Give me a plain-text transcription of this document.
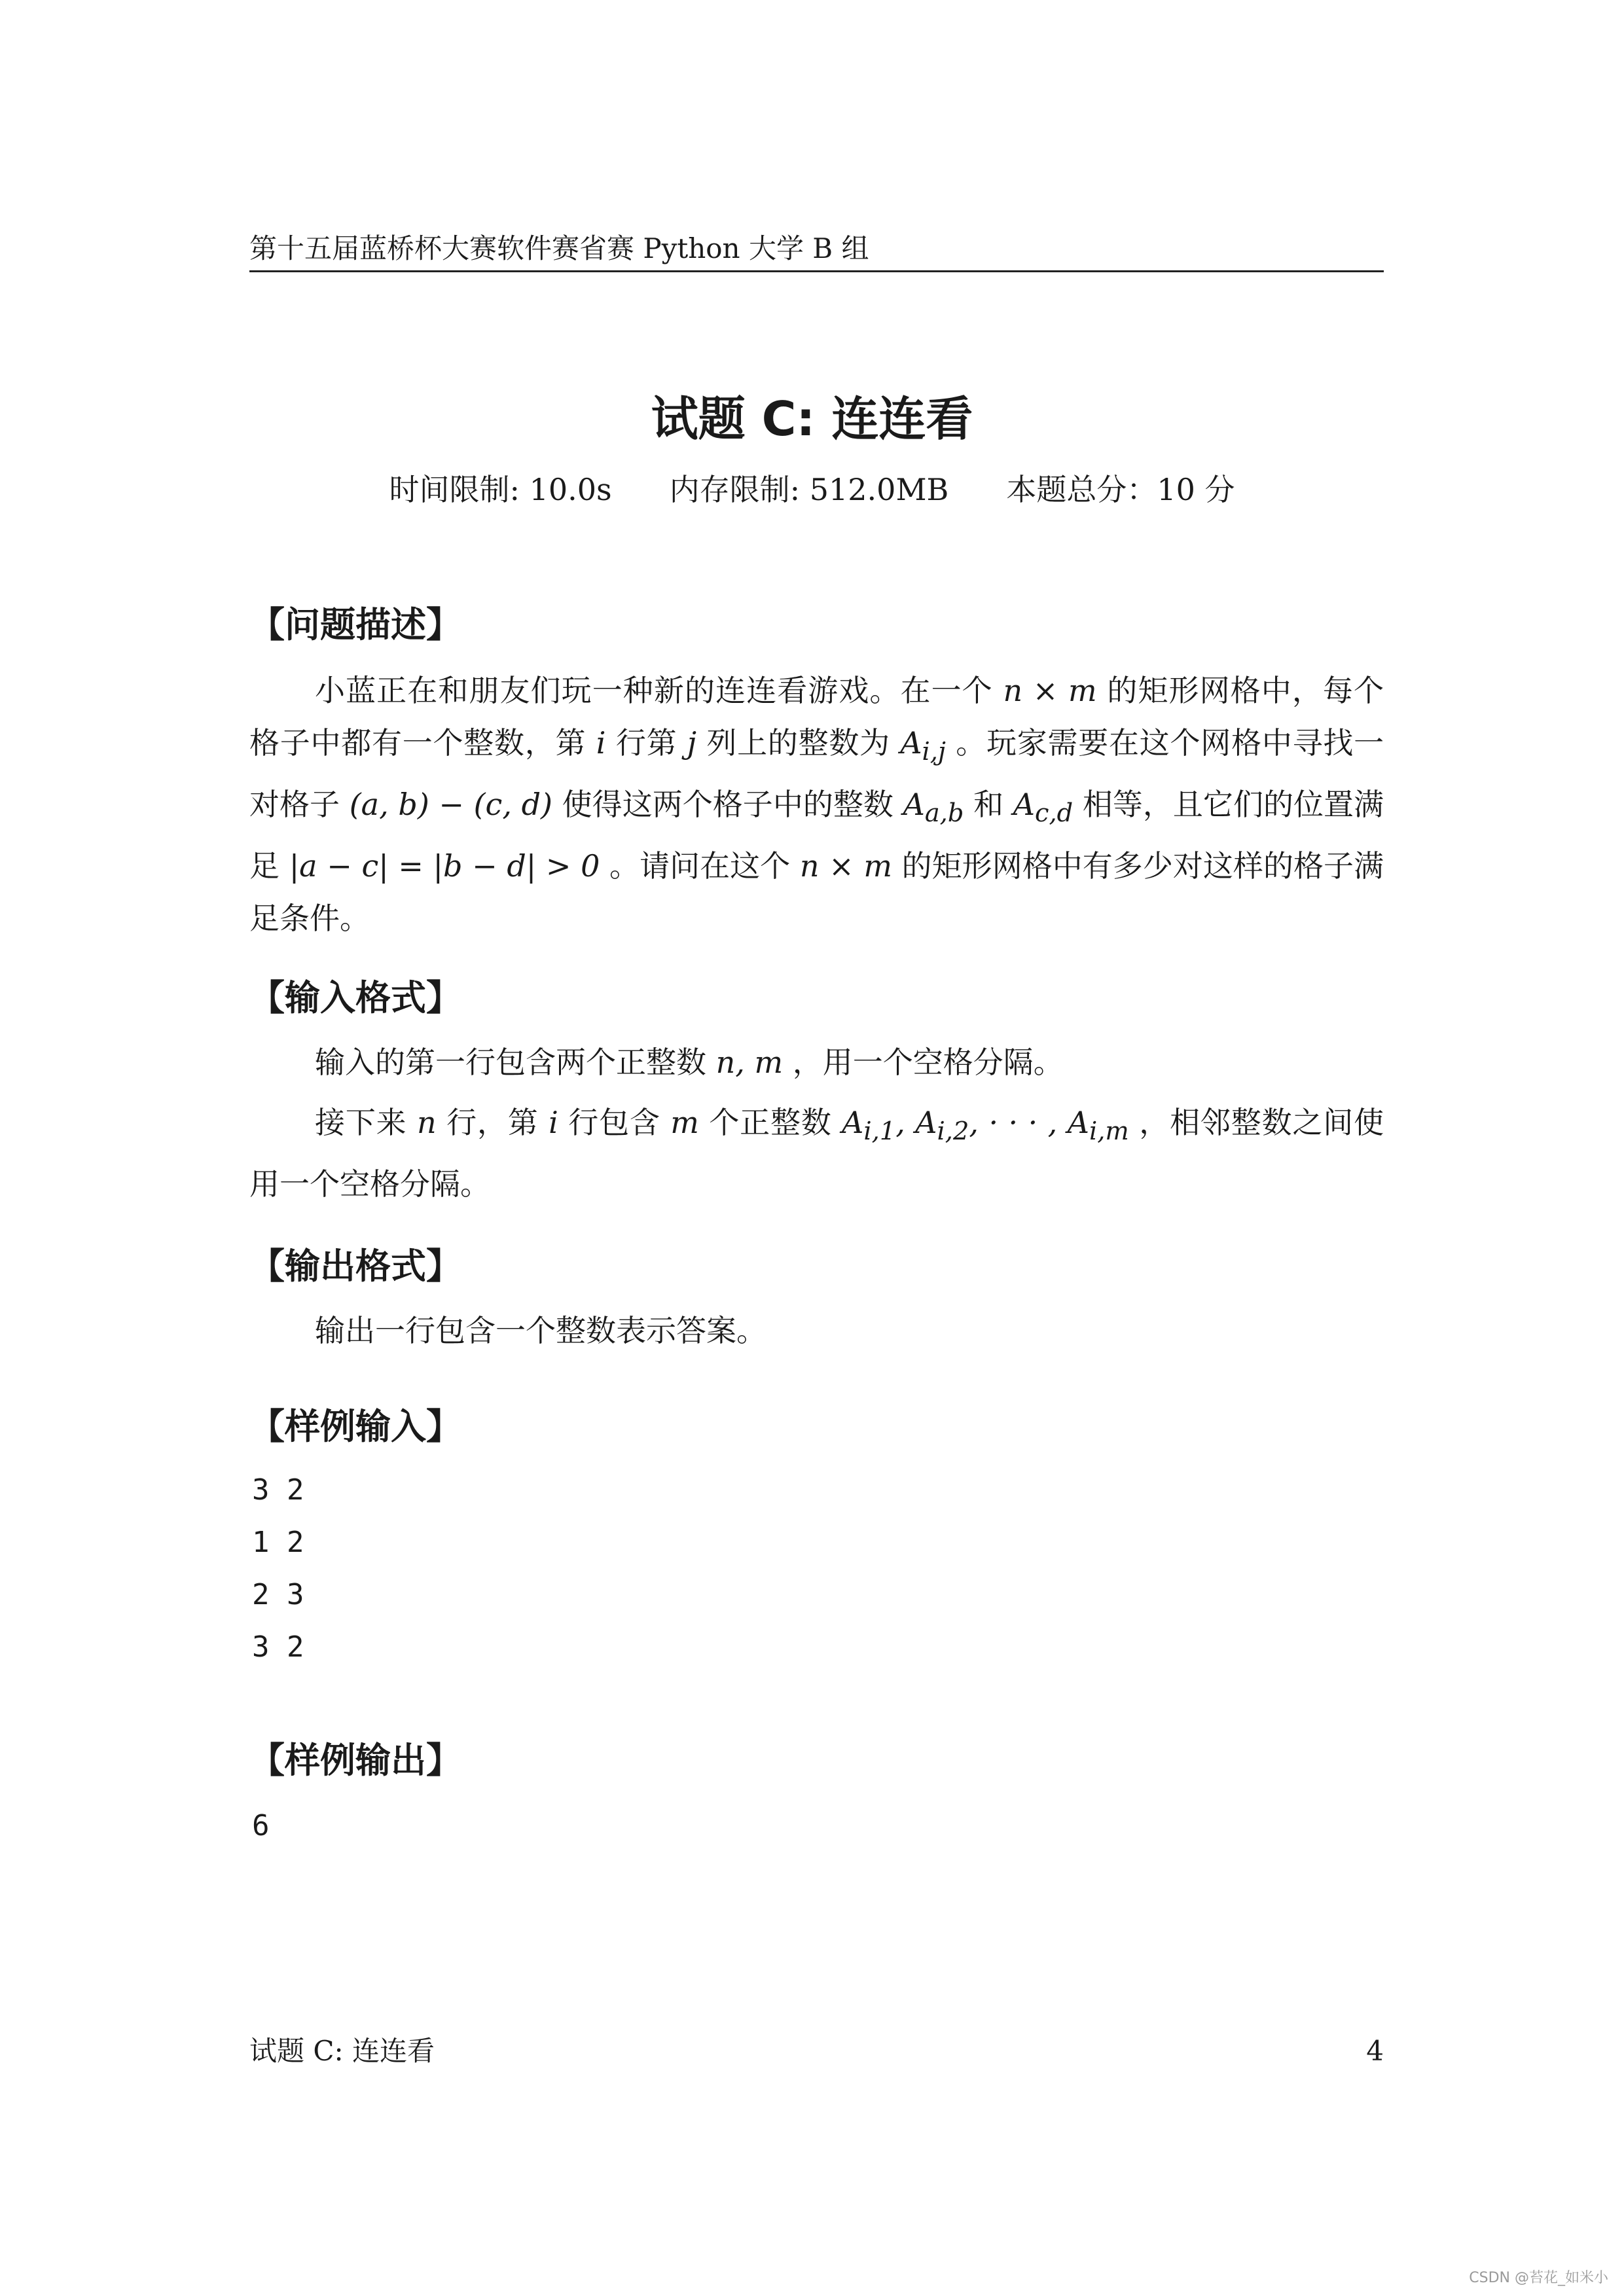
第十五届蓝桥杯大赛软件赛省赛 Python 大学 B 组
试题 C: 连连看
时间限制: 10.0s 内存限制: 512.0MB 本题总分：10 分
【问题描述】
小蓝正在和朋友们玩一种新的连连看游戏。在一个 n × m 的矩形网格中，每个格子中都有一个整数，第 i 行第 j 列上的整数为 $A_{i,j}$ 。玩家需要在这个网格中寻找一对格子 (a, b) − (c, d) 使得这两个格子中的整数 $A_{a,b}$ 和 $A_{c,d}$ 相等，且它们的位置满足 |a − c| = |b − d| > 0 。请问在这个 n × m 的矩形网格中有多少对这样的格子满足条件。
【输入格式】
输入的第一行包含两个正整数 n, m ，用一个空格分隔。
接下来 n 行，第 i 行包含 m 个正整数 $A_{i,1}$, $A_{i,2}$, · · · , $A_{i,m}$ ，相邻整数之间使用一个空格分隔。
【输出格式】
输出一行包含一个整数表示答案。
【样例输入】
3 2
1 2
2 3
3 2
【样例输出】
6
试题 C: 连连看	4
CSDN @苔花_如米小
